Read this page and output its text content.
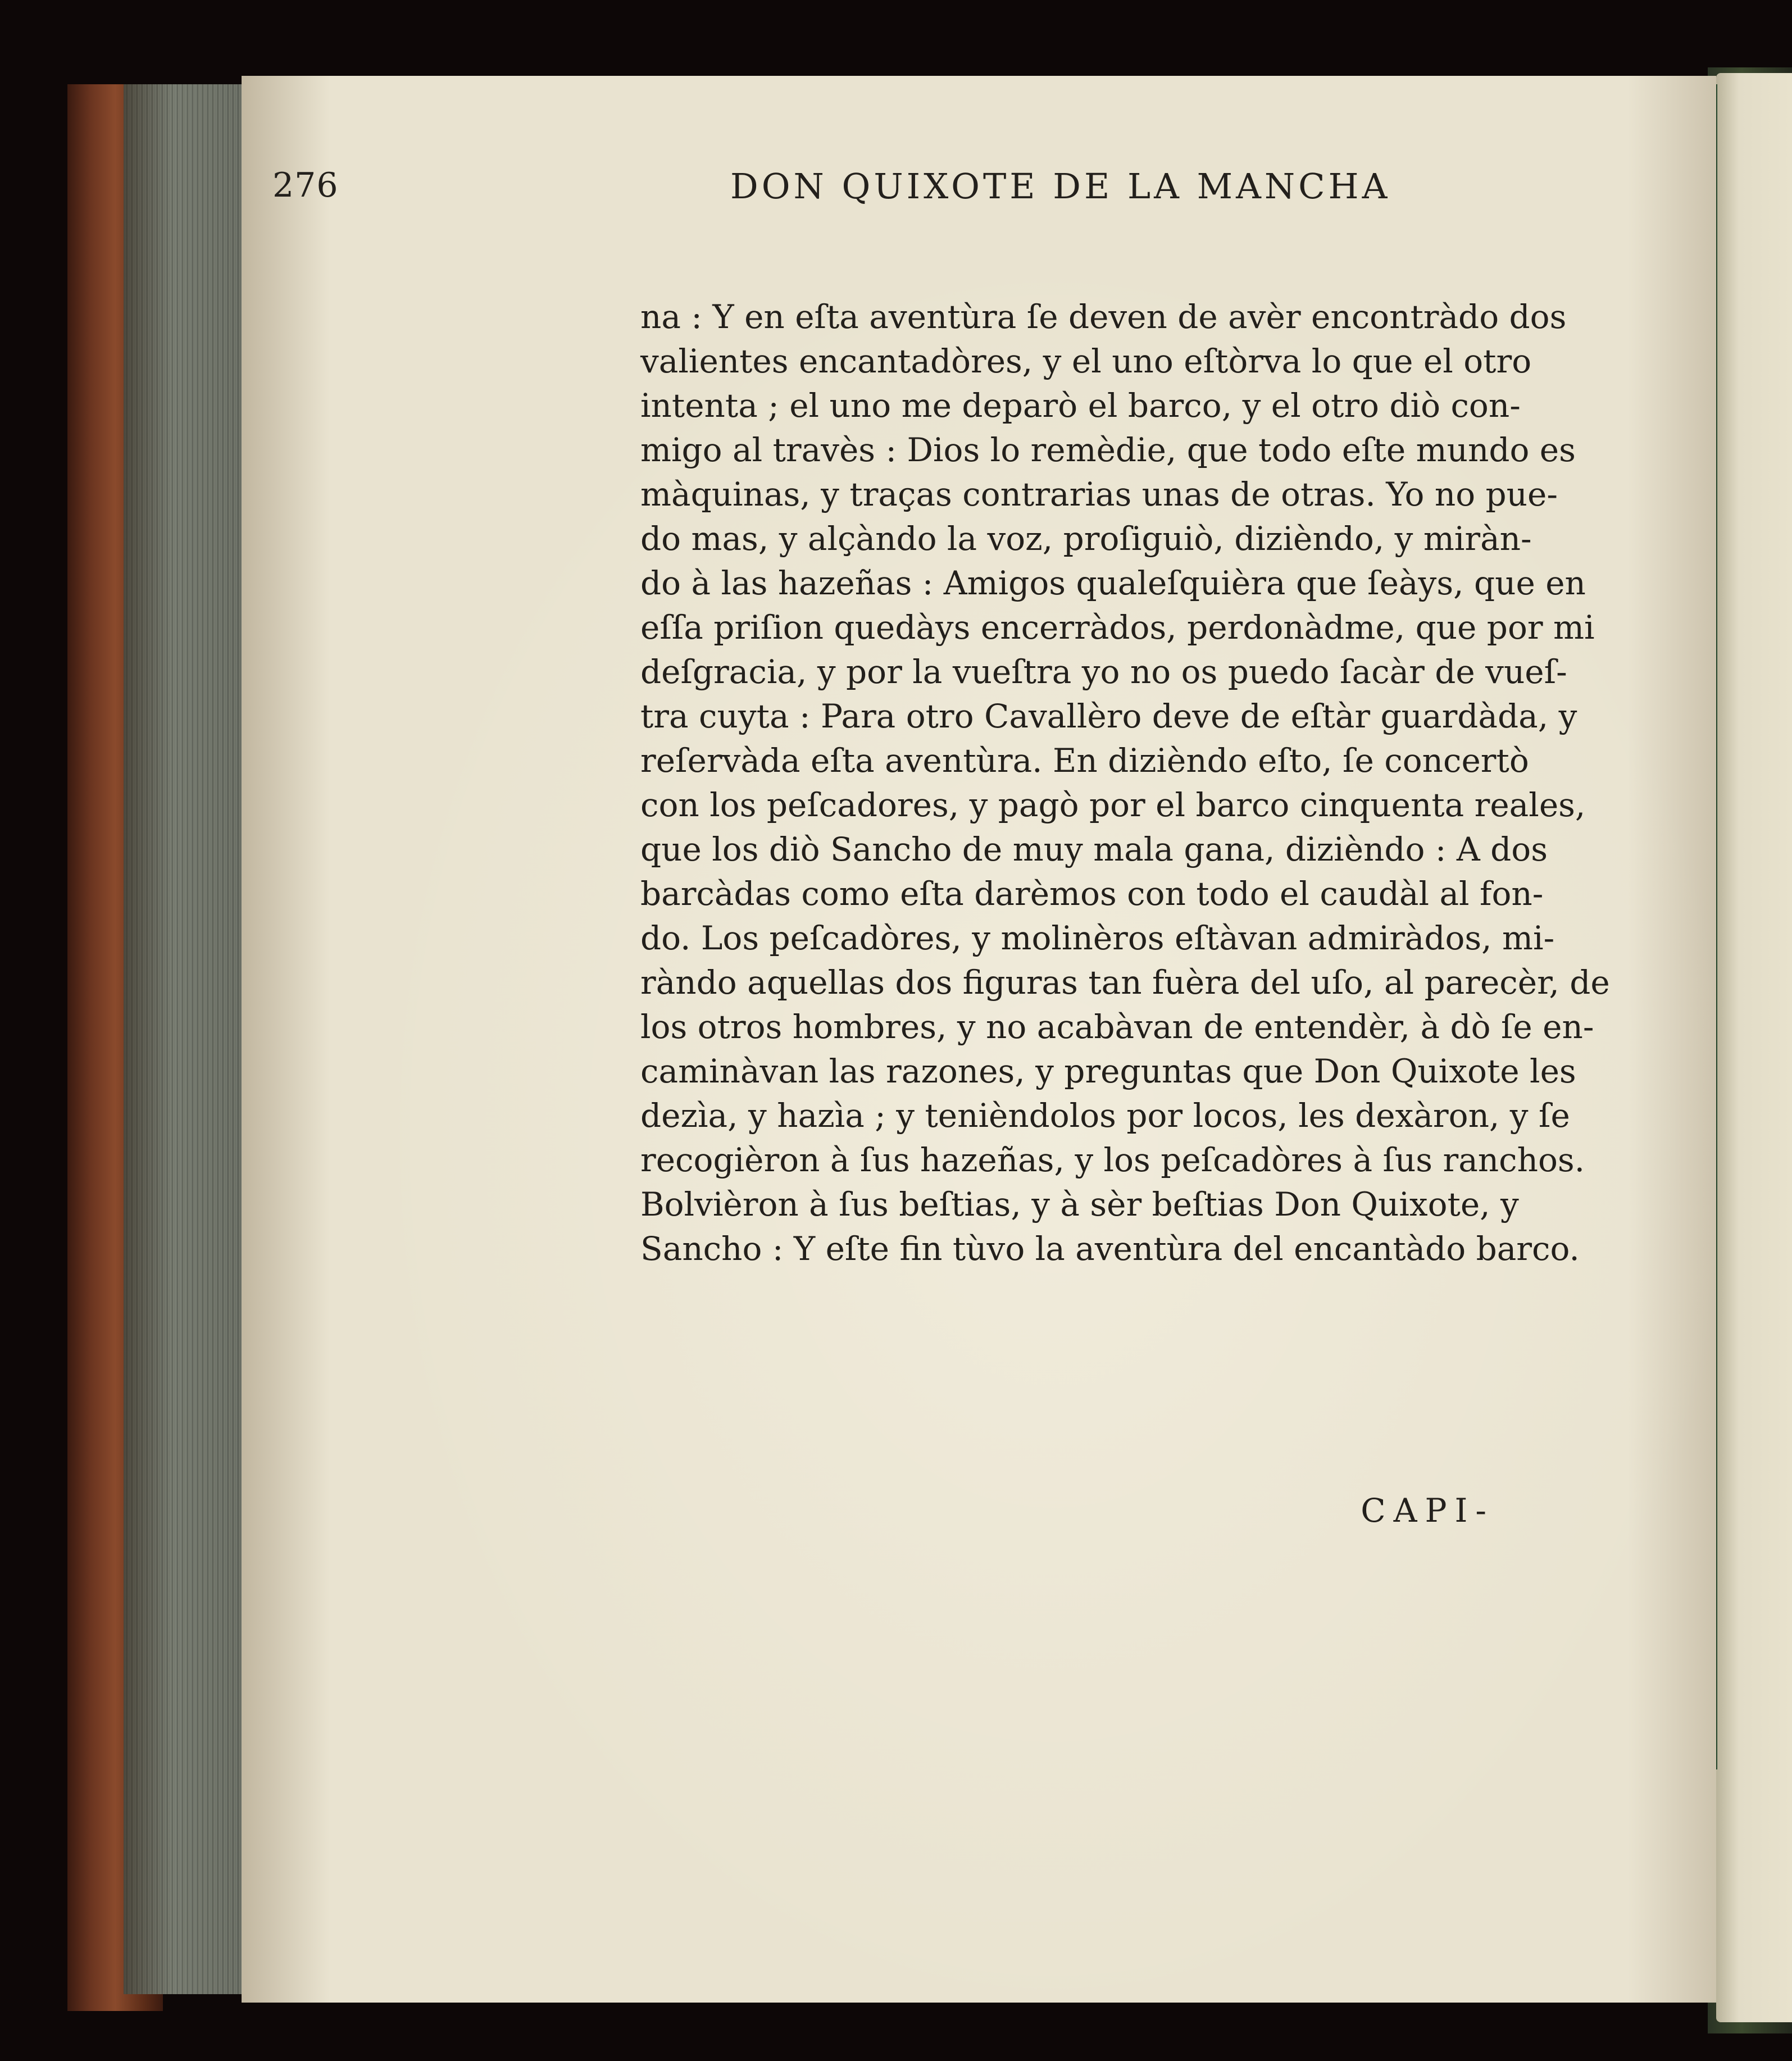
276	DON QUIXOTE DE LA MANCHA
na : Y en eſta aventùra ſe deven de avèr encontràdo dos
valientes encantadòres, y el uno eſtòrva lo que el otro
intenta ; el uno me deparò el barco, y el otro diò con-
migo al travès : Dios lo remèdie, que todo eſte mundo es
màquinas, y traças contrarias unas de otras. Yo no pue-
do mas, y alçàndo la voz, proſiguiò, dizièndo, y miràn-
do à las hazeñas : Amigos qualeſquièra que ſeàys, que en
eſſa priſion quedàys encerràdos, perdonàdme, que por mi
deſgracia, y por la vueſtra yo no os puedo ſacàr de vueſ-
tra cuyta : Para otro Cavallèro deve de eſtàr guardàda, y
reſervàda eſta aventùra. En dizièndo eſto, ſe concertò
con los peſcadores, y pagò por el barco cinquenta reales,
que los diò Sancho de muy mala gana, dizièndo : A dos
barcàdas como eſta darèmos con todo el caudàl al fon-
do. Los peſcadòres, y molinèros eſtàvan admiràdos, mi-
ràndo aquellas dos figuras tan fuèra del uſo, al parecèr, de
los otros hombres, y no acabàvan de entendèr, à dò ſe en-
caminàvan las razones, y preguntas que Don Quixote les
dezìa, y hazìa ; y tenièndolos por locos, les dexàron, y ſe
recogièron à ſus hazeñas, y los peſcadòres à ſus ranchos.
Bolvièron à ſus beſtias, y à sèr beſtias Don Quixote, y
Sancho : Y eſte fin tùvo la aventùra del encantàdo barco.
CAPI-
